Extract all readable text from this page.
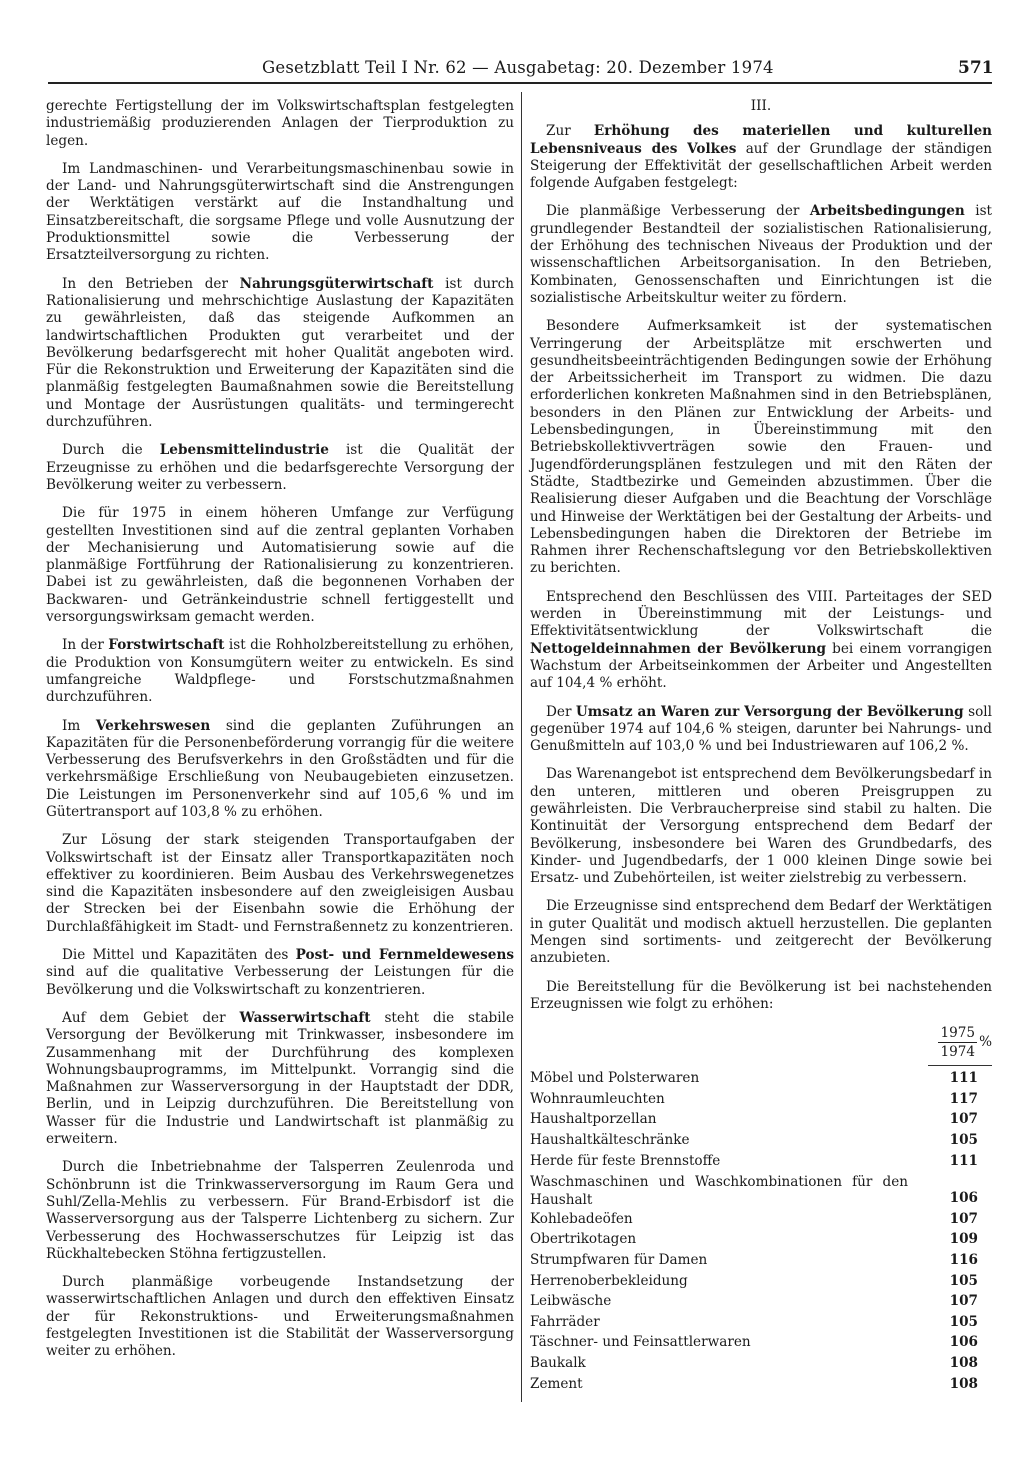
Gesetzblatt Teil I Nr. 62 — Ausgabetag: 20. Dezember 1974	571

gerechte Fertigstellung der im Volkswirtschaftsplan festgelegten industriemäßig produzierenden Anlagen der Tierproduktion zu legen.

Im Landmaschinen- und Verarbeitungsmaschinenbau sowie in der Land- und Nahrungsgüterwirtschaft sind die Anstrengungen der Werktätigen verstärkt auf die Instandhaltung und Einsatzbereitschaft, die sorgsame Pflege und volle Ausnutzung der Produktionsmittel sowie die Verbesserung der Ersatzteilversorgung zu richten.

In den Betrieben der Nahrungsgüterwirtschaft ist durch Rationalisierung und mehrschichtige Auslastung der Kapazitäten zu gewährleisten, daß das steigende Aufkommen an landwirtschaftlichen Produkten gut verarbeitet und der Bevölkerung bedarfsgerecht mit hoher Qualität angeboten wird. Für die Rekonstruktion und Erweiterung der Kapazitäten sind die planmäßig festgelegten Baumaßnahmen sowie die Bereitstellung und Montage der Ausrüstungen qualitäts- und termingerecht durchzuführen.

Durch die Lebensmittelindustrie ist die Qualität der Erzeugnisse zu erhöhen und die bedarfsgerechte Versorgung der Bevölkerung weiter zu verbessern.

Die für 1975 in einem höheren Umfange zur Verfügung gestellten Investitionen sind auf die zentral geplanten Vorhaben der Mechanisierung und Automatisierung sowie auf die planmäßige Fortführung der Rationalisierung zu konzentrieren. Dabei ist zu gewährleisten, daß die begonnenen Vorhaben der Backwaren- und Getränkeindustrie schnell fertiggestellt und versorgungswirksam gemacht werden.

In der Forstwirtschaft ist die Rohholzbereitstellung zu erhöhen, die Produktion von Konsumgütern weiter zu entwickeln. Es sind umfangreiche Waldpflege- und Forstschutzmaßnahmen durchzuführen.

Im Verkehrswesen sind die geplanten Zuführungen an Kapazitäten für die Personenbeförderung vorrangig für die weitere Verbesserung des Berufsverkehrs in den Großstädten und für die verkehrsmäßige Erschließung von Neubaugebieten einzusetzen. Die Leistungen im Personenverkehr sind auf 105,6 % und im Gütertransport auf 103,8 % zu erhöhen.

Zur Lösung der stark steigenden Transportaufgaben der Volkswirtschaft ist der Einsatz aller Transportkapazitäten noch effektiver zu koordinieren. Beim Ausbau des Verkehrswegenetzes sind die Kapazitäten insbesondere auf den zweigleisigen Ausbau der Strecken bei der Eisenbahn sowie die Erhöhung der Durchlaßfähigkeit im Stadt- und Fernstraßennetz zu konzentrieren.

Die Mittel und Kapazitäten des Post- und Fernmeldewesens sind auf die qualitative Verbesserung der Leistungen für die Bevölkerung und die Volkswirtschaft zu konzentrieren.

Auf dem Gebiet der Wasserwirtschaft steht die stabile Versorgung der Bevölkerung mit Trinkwasser, insbesondere im Zusammenhang mit der Durchführung des komplexen Wohnungsbauprogramms, im Mittelpunkt. Vorrangig sind die Maßnahmen zur Wasserversorgung in der Hauptstadt der DDR, Berlin, und in Leipzig durchzuführen. Die Bereitstellung von Wasser für die Industrie und Landwirtschaft ist planmäßig zu erweitern.

Durch die Inbetriebnahme der Talsperren Zeulenroda und Schönbrunn ist die Trinkwasserversorgung im Raum Gera und Suhl/Zella-Mehlis zu verbessern. Für Brand-Erbisdorf ist die Wasserversorgung aus der Talsperre Lichtenberg zu sichern. Zur Verbesserung des Hochwasserschutzes für Leipzig ist das Rückhaltebecken Stöhna fertigzustellen.

Durch planmäßige vorbeugende Instandsetzung der wasserwirtschaftlichen Anlagen und durch den effektiven Einsatz der für Rekonstruktions- und Erweiterungsmaßnahmen festgelegten Investitionen ist die Stabilität der Wasserversorgung weiter zu erhöhen.

III.

Zur Erhöhung des materiellen und kulturellen Lebensniveaus des Volkes auf der Grundlage der ständigen Steigerung der Effektivität der gesellschaftlichen Arbeit werden folgende Aufgaben festgelegt:

Die planmäßige Verbesserung der Arbeitsbedingungen ist grundlegender Bestandteil der sozialistischen Rationalisierung, der Erhöhung des technischen Niveaus der Produktion und der wissenschaftlichen Arbeitsorganisation. In den Betrieben, Kombinaten, Genossenschaften und Einrichtungen ist die sozialistische Arbeitskultur weiter zu fördern.

Besondere Aufmerksamkeit ist der systematischen Verringerung der Arbeitsplätze mit erschwerten und gesundheitsbeeinträchtigenden Bedingungen sowie der Erhöhung der Arbeitssicherheit im Transport zu widmen. Die dazu erforderlichen konkreten Maßnahmen sind in den Betriebsplänen, besonders in den Plänen zur Entwicklung der Arbeits- und Lebensbedingungen, in Übereinstimmung mit den Betriebskollektivverträgen sowie den Frauen- und Jugendförderungsplänen festzulegen und mit den Räten der Städte, Stadtbezirke und Gemeinden abzustimmen. Über die Realisierung dieser Aufgaben und die Beachtung der Vorschläge und Hinweise der Werktätigen bei der Gestaltung der Arbeits- und Lebensbedingungen haben die Direktoren der Betriebe im Rahmen ihrer Rechenschaftslegung vor den Betriebskollektiven zu berichten.

Entsprechend den Beschlüssen des VIII. Parteitages der SED werden in Übereinstimmung mit der Leistungs- und Effektivitätsentwicklung der Volkswirtschaft die Nettogeldeinnahmen der Bevölkerung bei einem vorrangigen Wachstum der Arbeitseinkommen der Arbeiter und Angestellten auf 104,4 % erhöht.

Der Umsatz an Waren zur Versorgung der Bevölkerung soll gegenüber 1974 auf 104,6 % steigen, darunter bei Nahrungs- und Genußmitteln auf 103,0 % und bei Industriewaren auf 106,2 %.

Das Warenangebot ist entsprechend dem Bevölkerungsbedarf in den unteren, mittleren und oberen Preisgruppen zu gewährleisten. Die Verbraucherpreise sind stabil zu halten. Die Kontinuität der Versorgung entsprechend dem Bedarf der Bevölkerung, insbesondere bei Waren des Grundbedarfs, des Kinder- und Jugendbedarfs, der 1 000 kleinen Dinge sowie bei Ersatz- und Zubehörteilen, ist weiter zielstrebig zu verbessern.

Die Erzeugnisse sind entsprechend dem Bedarf der Werktätigen in guter Qualität und modisch aktuell herzustellen. Die geplanten Mengen sind sortiments- und zeitgerecht der Bevölkerung anzubieten.

Die Bereitstellung für die Bevölkerung ist bei nachstehenden Erzeugnissen wie folgt zu erhöhen:

$\frac{1975}{1974}$ %
Möbel und Polsterwaren	111
Wohnraumleuchten	117
Haushaltporzellan	107
Haushaltkälteschränke	105
Herde für feste Brennstoffe	111
Waschmaschinen und Waschkombinationen für den Haushalt	106
Kohlebadeöfen	107
Obertrikotagen	109
Strumpfwaren für Damen	116
Herrenoberbekleidung	105
Leibwäsche	107
Fahrräder	105
Täschner- und Feinsattlerwaren	106
Baukalk	108
Zement	108
